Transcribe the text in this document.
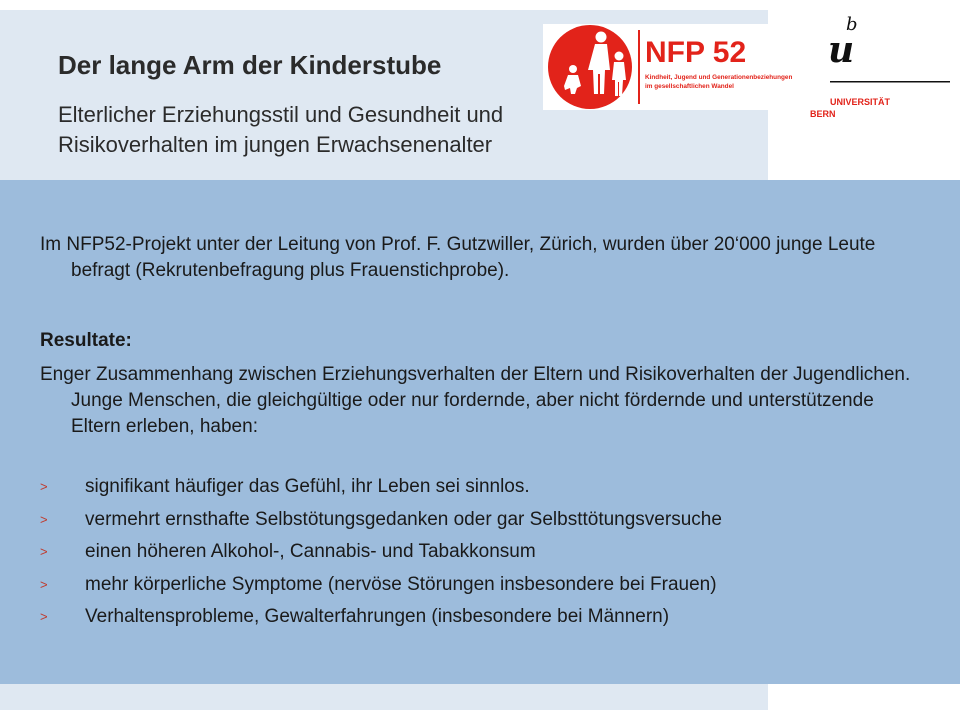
Der lange Arm der Kinderstube
Elterlicher Erziehungsstil und Gesundheit und Risikoverhalten im jungen Erwachsenenalter
NFP 52
Kindheit, Jugend und Generationenbeziehungen
im gesellschaftlichen Wandel
u
b
UNIVERSITÄT
BERN

Im NFP52-Projekt unter der Leitung von Prof. F. Gutzwiller, Zürich, wurden über 20‘000 junge Leute befragt (Rekrutenbefragung plus Frauenstichprobe).

Resultate:

Enger Zusammenhang zwischen Erziehungsverhalten der Eltern und Risikoverhalten der Jugendlichen. Junge Menschen, die gleichgültige oder nur fordernde, aber nicht fördernde und unterstützende Eltern erleben, haben:

> signifikant häufiger das Gefühl, ihr Leben sei sinnlos.
> vermehrt ernsthafte Selbstötungsgedanken oder gar Selbsttötungsversuche
> einen höheren Alkohol-, Cannabis- und Tabakkonsum
> mehr körperliche Symptome (nervöse Störungen insbesondere bei Frauen)
> Verhaltensprobleme, Gewalterfahrungen (insbesondere bei Männern)
